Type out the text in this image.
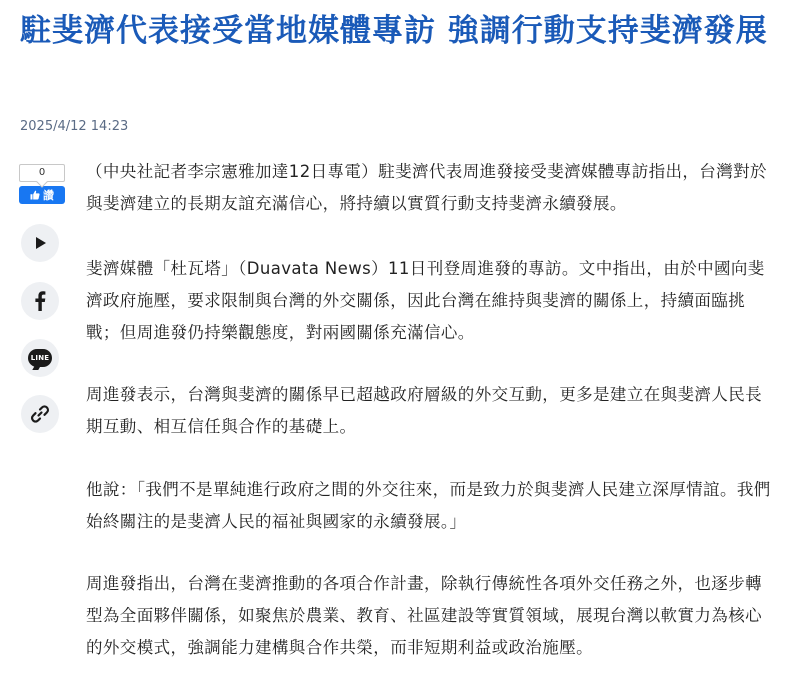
駐斐濟代表接受當地媒體專訪 強調行動支持斐濟發展
2025/4/12 14:23
0
讚
LINE

（中央社記者李宗憲雅加達12日專電）駐斐濟代表周進發接受斐濟媒體專訪指出，台灣對於與斐濟建立的長期友誼充滿信心，將持續以實質行動支持斐濟永續發展。

斐濟媒體「杜瓦塔」（Duavata News）11日刊登周進發的專訪。文中指出，由於中國向斐濟政府施壓，要求限制與台灣的外交關係，因此台灣在維持與斐濟的關係上，持續面臨挑戰；但周進發仍持樂觀態度，對兩國關係充滿信心。

周進發表示，台灣與斐濟的關係早已超越政府層級的外交互動，更多是建立在與斐濟人民長期互動、相互信任與合作的基礎上。

他說：「我們不是單純進行政府之間的外交往來，而是致力於與斐濟人民建立深厚情誼。我們始終關注的是斐濟人民的福祉與國家的永續發展。」

周進發指出，台灣在斐濟推動的各項合作計畫，除執行傳統性各項外交任務之外，也逐步轉型為全面夥伴關係，如聚焦於農業、教育、社區建設等實質領域，展現台灣以軟實力為核心的外交模式，強調能力建構與合作共榮，而非短期利益或政治施壓。
